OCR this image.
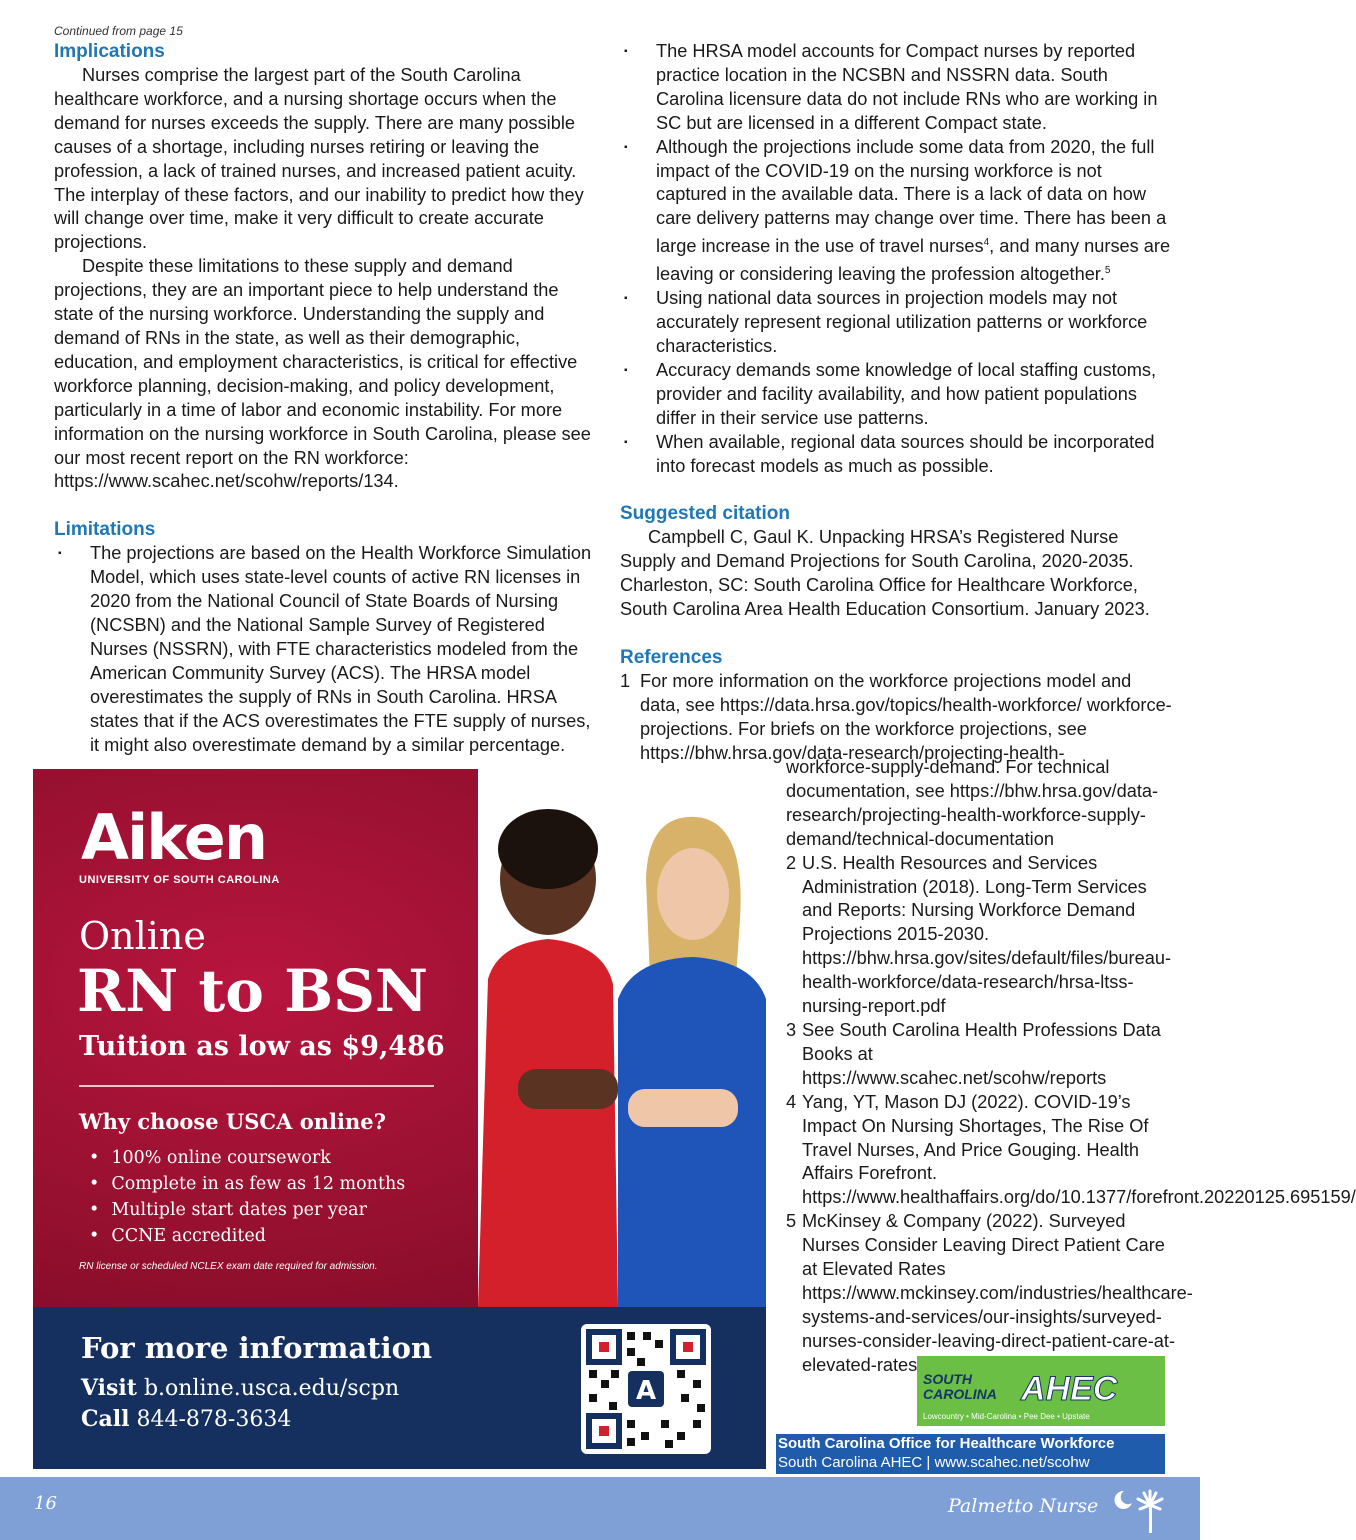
Continued from page 15
Implications

Nurses comprise the largest part of the South Carolina healthcare workforce, and a nursing shortage occurs when the demand for nurses exceeds the supply. There are many possible causes of a shortage, including nurses retiring or leaving the profession, a lack of trained nurses, and increased patient acuity. The interplay of these factors, and our inability to predict how they will change over time, make it very difficult to create accurate projections.

Despite these limitations to these supply and demand projections, they are an important piece to help understand the state of the nursing workforce. Understanding the supply and demand of RNs in the state, as well as their demographic, education, and employment characteristics, is critical for effective workforce planning, decision-making, and policy development, particularly in a time of labor and economic instability. For more information on the nursing workforce in South Carolina, please see our most recent report on the RN workforce: https://www.scahec.net/scohw/reports/134.

Limitations
▪ The projections are based on the Health Workforce Simulation Model, which uses state-level counts of active RN licenses in 2020 from the National Council of State Boards of Nursing (NCSBN) and the National Sample Survey of Registered Nurses (NSSRN), with FTE characteristics modeled from the American Community Survey (ACS). The HRSA model overestimates the supply of RNs in South Carolina. HRSA states that if the ACS overestimates the FTE supply of nurses, it might also overestimate demand by a similar percentage.
▪ The HRSA model accounts for Compact nurses by reported practice location in the NCSBN and NSSRN data. South Carolina licensure data do not include RNs who are working in SC but are licensed in a different Compact state.
▪ Although the projections include some data from 2020, the full impact of the COVID-19 on the nursing workforce is not captured in the available data. There is a lack of data on how care delivery patterns may change over time. There has been a large increase in the use of travel nurses$^4$, and many nurses are leaving or considering leaving the profession altogether.$^5$
▪ Using national data sources in projection models may not accurately represent regional utilization patterns or workforce characteristics.
▪ Accuracy demands some knowledge of local staffing customs, provider and facility availability, and how patient populations differ in their service use patterns.
▪ When available, regional data sources should be incorporated into forecast models as much as possible.
Suggested citation

Campbell C, Gaul K. Unpacking HRSA’s Registered Nurse Supply and Demand Projections for South Carolina, 2020-2035. Charleston, SC: South Carolina Office for Healthcare Workforce, South Carolina Area Health Education Consortium. January 2023.

References
1 For more information on the workforce projections model and data, see https://data.hrsa.gov/topics/health-workforce/ workforce-projections. For briefs on the workforce projections, see https://bhw.hrsa.gov/data-research/projecting-health-
workforce-supply-demand. For technical documentation, see https://bhw.hrsa.gov/data-research/projecting-health-workforce-supply-demand/technical-documentation
2 U.S. Health Resources and Services Administration (2018). Long-Term Services and Reports: Nursing Workforce Demand Projections 2015-2030. https://bhw.hrsa.gov/sites/default/files/bureau-health-workforce/data-research/hrsa-ltss-nursing-report.pdf
3 See South Carolina Health Professions Data Books at https://www.scahec.net/scohw/reports
4 Yang, YT, Mason DJ (2022). COVID-19’s Impact On Nursing Shortages, The Rise Of Travel Nurses, And Price Gouging. Health Affairs Forefront. https://www.healthaffairs.org/do/10.1377/forefront.20220125.695159/
5 McKinsey & Company (2022). Surveyed Nurses Consider Leaving Direct Patient Care at Elevated Rates https://www.mckinsey.com/industries/healthcare-systems-and-services/our-insights/surveyed-nurses-consider-leaving-direct-patient-care-at-elevated-rates
Aiken
UNIVERSITY OF SOUTH CAROLINA
Online
RN to BSN
Tuition as low as $9,486
Why choose USCA online?
• 100% online coursework
• Complete in as few as 12 months
• Multiple start dates per year
• CCNE accredited
RN license or scheduled NCLEX exam date required for admission.
For more information
Visit b.online.usca.edu/scpn
Call 844-878-3634
A	SOUTH CAROLINA AHEC
Lowcountry • Mid-Carolina • Pee Dee • Upstate
South Carolina Office for Healthcare Workforce
South Carolina AHEC | www.scahec.net/scohw
16	Palmetto Nurse
